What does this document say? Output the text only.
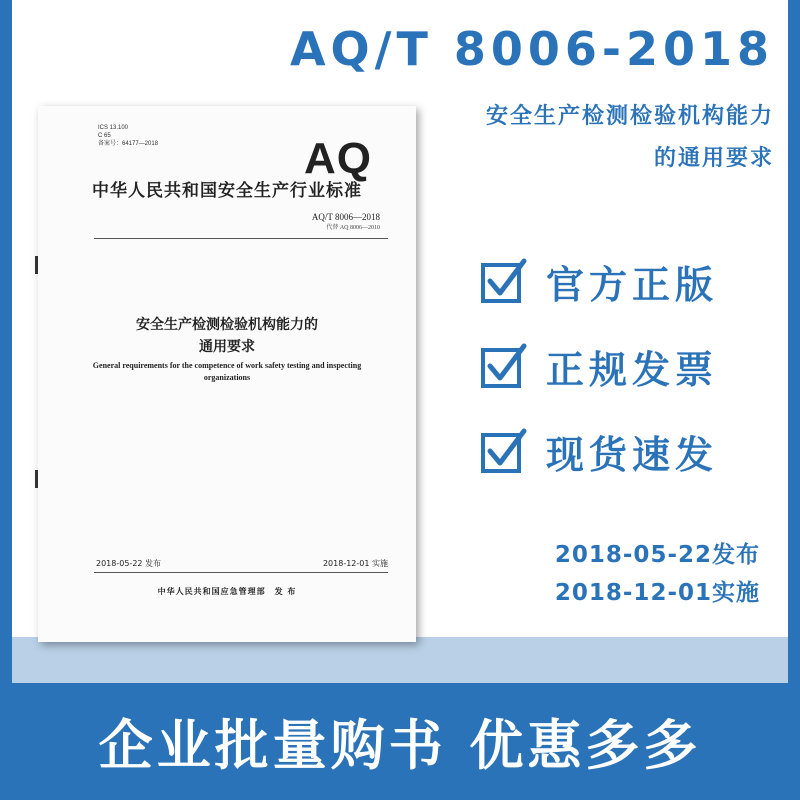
AQ/T 8006-2018
安全生产检测检验机构能力
的通用要求
ICS 13.100
C 65
备案号：64177—2018	AQ
中华人民共和国安全生产行业标准
AQ/T 8006—2018
代替 AQ 8006—2010
安全生产检测检验机构能力的
通用要求
General requirements for the competence of work safety testing and inspecting organizations
2018-05-22 发布	2018-12-01 实施
中华人民共和国应急管理部　发 布
官方正版
正规发票
现货速发
2018-05-22发布
2018-12-01实施
企业批量购书 优惠多多
